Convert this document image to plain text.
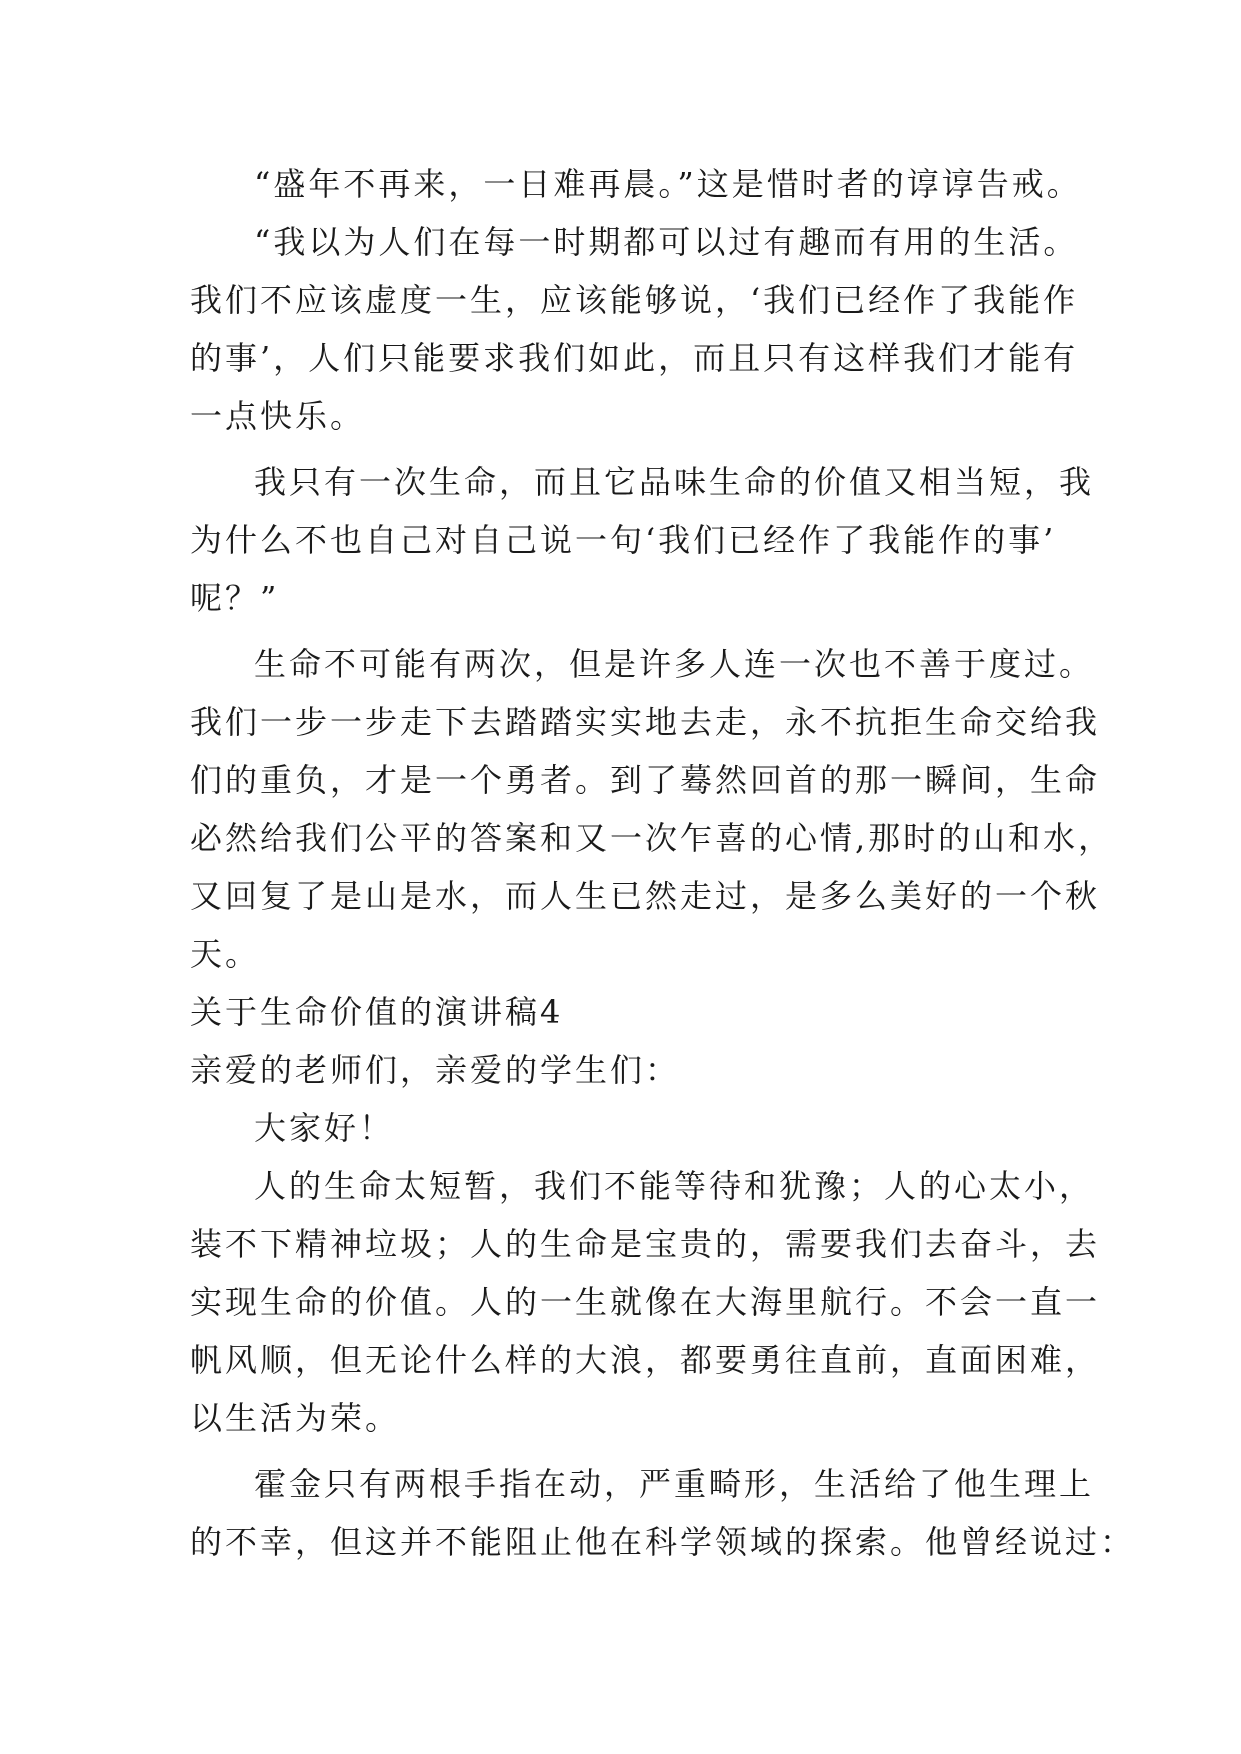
“盛年不再来，一日难再晨。”这是惜时者的谆谆告戒。
“我以为人们在每一时期都可以过有趣而有用的生活。
我们不应该虚度一生，应该能够说，‘我们已经作了我能作
的事’，人们只能要求我们如此，而且只有这样我们才能有
一点快乐。
我只有一次生命，而且它品味生命的价值又相当短，我
为什么不也自己对自己说一句‘我们已经作了我能作的事’
呢？”
生命不可能有两次，但是许多人连一次也不善于度过。
我们一步一步走下去踏踏实实地去走，永不抗拒生命交给我
们的重负，才是一个勇者。到了蓦然回首的那一瞬间，生命
必然给我们公平的答案和又一次乍喜的心情,那时的山和水，
又回复了是山是水，而人生已然走过，是多么美好的一个秋
天。
关于生命价值的演讲稿4
亲爱的老师们，亲爱的学生们：
大家好！
人的生命太短暂，我们不能等待和犹豫；人的心太小，
装不下精神垃圾；人的生命是宝贵的，需要我们去奋斗，去
实现生命的价值。人的一生就像在大海里航行。不会一直一
帆风顺，但无论什么样的大浪，都要勇往直前，直面困难，
以生活为荣。
霍金只有两根手指在动，严重畸形，生活给了他生理上
的不幸，但这并不能阻止他在科学领域的探索。他曾经说过：
